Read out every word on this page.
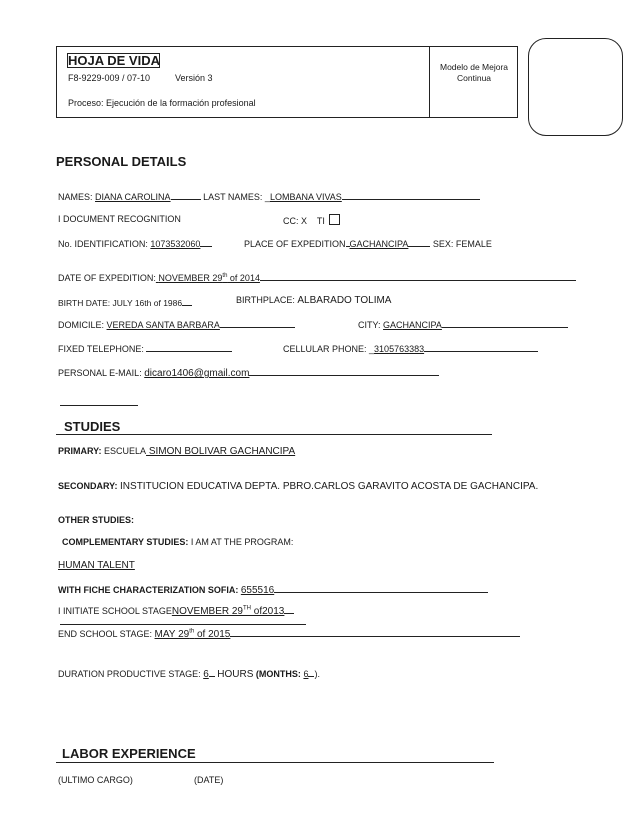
HOJA DE VIDA
F8-9229-009 / 07-10	Versión 3
Proceso: Ejecución de la formación profesional
Modelo de Mejora
Continua
PERSONAL DETAILS
NAMES: DIANA CAROLINA	LAST NAMES: _LOMBANA VIVAS
I DOCUMENT RECOGNITION	CC: X TI
No. IDENTIFICATION: 1073532060	PLACE OF EXPEDITION GACHANCIPA	SEX: FEMALE
DATE OF EXPEDITION: NOVEMBER 29th of 2014
BIRTH DATE: JULY 16th of 1986	BIRTHPLACE: ALBARADO TOLIMA
DOMICILE: VEREDA SANTA BARBARA	CITY: GACHANCIPA
FIXED TELEPHONE:	CELLULAR PHONE: _3105763383
PERSONAL E-MAIL: dicaro1406@gmail.com
STUDIES
PRIMARY: ESCUELA SIMON BOLIVAR GACHANCIPA
SECONDARY: INSTITUCION EDUCATIVA DEPTA. PBRO.CARLOS GARAVITO ACOSTA DE GACHANCIPA.
OTHER STUDIES:
COMPLEMENTARY STUDIES: I AM AT THE PROGRAM:
HUMAN TALENT
WITH FICHE CHARACTERIZATION SOFIA: 655516
I INITIATE SCHOOL STAGENOVEMBER 29TH of2013
END SCHOOL STAGE: MAY 29th of 2015
DURATION PRODUCTIVE STAGE: 6 HOURS (MONTHS: 6 ).
LABOR EXPERIENCE
(ULTIMO CARGO)	(DATE)
